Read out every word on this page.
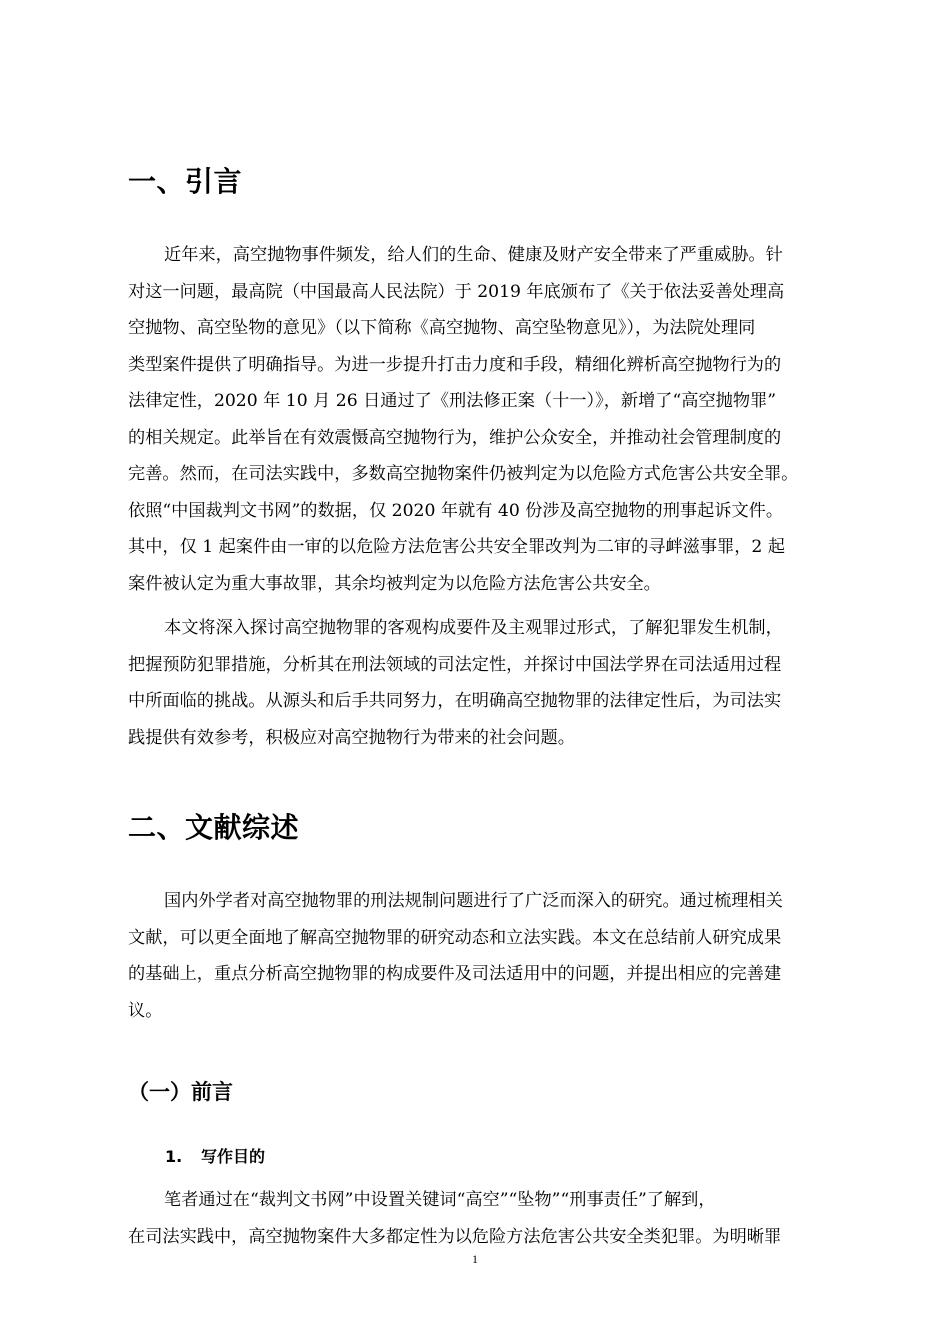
一、引言
近年来，高空抛物事件频发，给人们的生命、健康及财产安全带来了严重威胁。针
对这一问题，最高院（中国最高人民法院）于 2019 年底颁布了《关于依法妥善处理高
空抛物、高空坠物的意见》（以下简称《高空抛物、高空坠物意见》），为法院处理同
类型案件提供了明确指导。为进一步提升打击力度和手段，精细化辨析高空抛物行为的
法律定性，2020 年 10 月 26 日通过了《刑法修正案（十一）》，新增了“高空抛物罪”
的相关规定。此举旨在有效震慑高空抛物行为，维护公众安全，并推动社会管理制度的
完善。然而，在司法实践中，多数高空抛物案件仍被判定为以危险方式危害公共安全罪。
依照“中国裁判文书网”的数据，仅 2020 年就有 40 份涉及高空抛物的刑事起诉文件。
其中，仅 1 起案件由一审的以危险方法危害公共安全罪改判为二审的寻衅滋事罪，2 起
案件被认定为重大事故罪，其余均被判定为以危险方法危害公共安全。
本文将深入探讨高空抛物罪的客观构成要件及主观罪过形式，了解犯罪发生机制，
把握预防犯罪措施，分析其在刑法领域的司法定性，并探讨中国法学界在司法适用过程
中所面临的挑战。从源头和后手共同努力，在明确高空抛物罪的法律定性后，为司法实
践提供有效参考，积极应对高空抛物行为带来的社会问题。
二、文献综述
国内外学者对高空抛物罪的刑法规制问题进行了广泛而深入的研究。通过梳理相关
文献，可以更全面地了解高空抛物罪的研究动态和立法实践。本文在总结前人研究成果
的基础上，重点分析高空抛物罪的构成要件及司法适用中的问题，并提出相应的完善建
议。
（一）前言
1. 写作目的
笔者通过在“裁判文书网”中设置关键词“高空”“坠物”“刑事责任”了解到，
在司法实践中，高空抛物案件大多都定性为以危险方法危害公共安全类犯罪。为明晰罪
1
